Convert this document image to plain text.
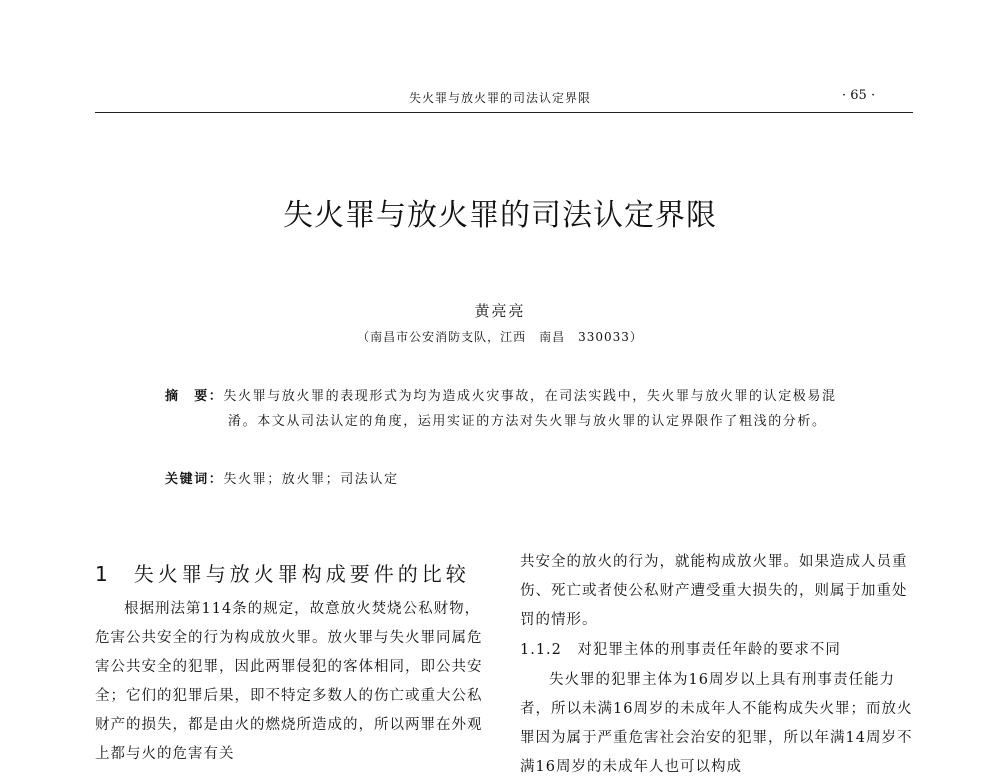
失火罪与放火罪的司法认定界限	· 65 ·
失火罪与放火罪的司法认定界限
黄亮亮
（南昌市公安消防支队，江西　南昌　330033）
摘　要：失火罪与放火罪的表现形式为均为造成火灾事故，在司法实践中，失火罪与放火罪的认定极易混淆。本文从司法认定的角度，运用实证的方法对失火罪与放火罪的认定界限作了粗浅的分析。
关键词：失火罪；放火罪；司法认定
1 失火罪与放火罪构成要件的比较
根据刑法第114条的规定，故意放火焚烧公私财物，危害公共安全的行为构成放火罪。放火罪与失火罪同属危害公共安全的犯罪，因此两罪侵犯的客体相同，即公共安全；它们的犯罪后果，即不特定多数人的伤亡或重大公私财产的损失，都是由火的燃烧所造成的，所以两罪在外观上都与火的危害有关
共安全的放火的行为，就能构成放火罪。如果造成人员重伤、死亡或者使公私财产遭受重大损失的，则属于加重处罚的情形。
1.1.2　对犯罪主体的刑事责任年龄的要求不同
失火罪的犯罪主体为16周岁以上具有刑事责任能力者，所以未满16周岁的未成年人不能构成失火罪；而放火罪因为属于严重危害社会治安的犯罪，所以年满14周岁不满16周岁的未成年人也可以构成
